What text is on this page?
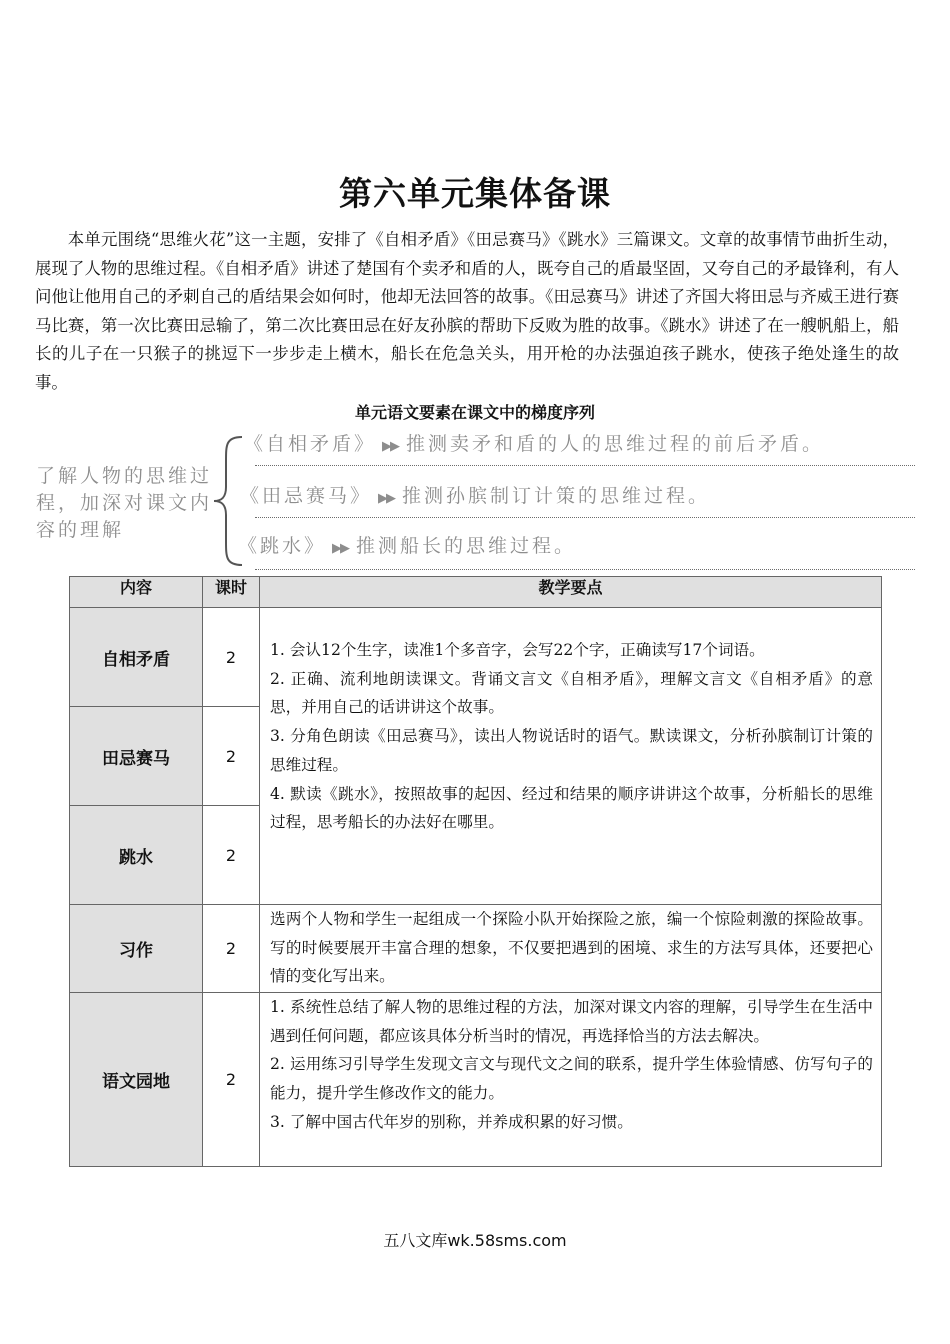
第六单元集体备课
本单元围绕“思维火花”这一主题，安排了《自相矛盾》《田忌赛马》《跳水》三篇课文。文章的故事情节曲折生动，展现了人物的思维过程。《自相矛盾》讲述了楚国有个卖矛和盾的人，既夸自己的盾最坚固，又夸自己的矛最锋利，有人问他让他用自己的矛刺自己的盾结果会如何时，他却无法回答的故事。《田忌赛马》讲述了齐国大将田忌与齐威王进行赛马比赛，第一次比赛田忌输了，第二次比赛田忌在好友孙膑的帮助下反败为胜的故事。《跳水》讲述了在一艘帆船上，船长的儿子在一只猴子的挑逗下一步步走上横木，船长在危急关头，用开枪的办法强迫孩子跳水，使孩子绝处逢生的故事。
单元语文要素在课文中的梯度序列
了解人物的思维过程，加深对课文内容的理解
《自相矛盾》 ▶▶ 推测卖矛和盾的人的思维过程的前后矛盾。
《田忌赛马》 ▶▶ 推测孙膑制订计策的思维过程。
《跳水》 ▶▶ 推测船长的思维过程。
内容	课时	教学要点
自相矛盾	2	1. 会认12个生字，读准1个多音字，会写22个字，正确读写17个词语。

2. 正确、流利地朗读课文。背诵文言文《自相矛盾》，理解文言文《自相矛盾》的意思，并用自己的话讲讲这个故事。

3. 分角色朗读《田忌赛马》，读出人物说话时的语气。默读课文，分析孙膑制订计策的思维过程。

4. 默读《跳水》，按照故事的起因、经过和结果的顺序讲讲这个故事，分析船长的思维过程，思考船长的办法好在哪里。

田忌赛马	2	
跳水	2	
习作	2	选两个人物和学生一起组成一个探险小队开始探险之旅，编一个惊险刺激的探险故事。写的时候要展开丰富合理的想象，不仅要把遇到的困境、求生的方法写具体，还要把心情的变化写出来。
语文园地	2	1. 系统性总结了解人物的思维过程的方法，加深对课文内容的理解，引导学生在生活中遇到任何问题，都应该具体分析当时的情况，再选择恰当的方法去解决。

2. 运用练习引导学生发现文言文与现代文之间的联系，提升学生体验情感、仿写句子的能力，提升学生修改作文的能力。

3. 了解中国古代年岁的别称，并养成积累的好习惯。

五八文库wk.58sms.com
